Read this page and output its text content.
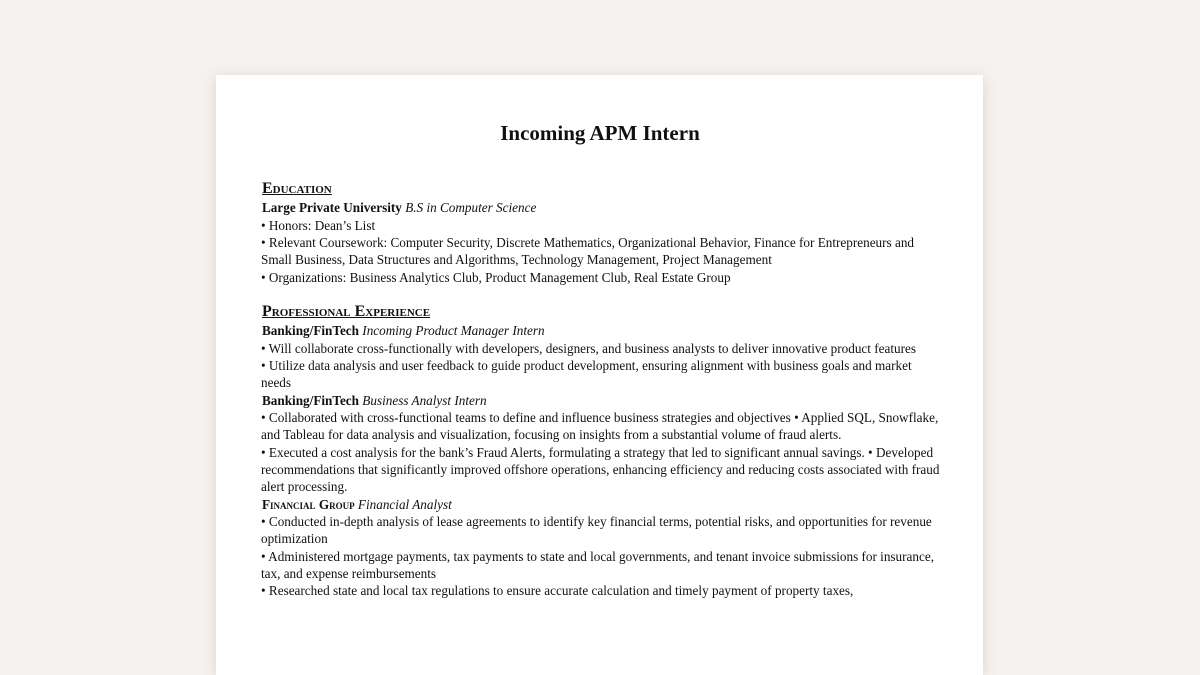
Incoming APM Intern
Education
Large Private University B.S in Computer Science

• Honors: Dean’s List

• Relevant Coursework: Computer Security, Discrete Mathematics, Organizational Behavior, Finance for Entrepreneurs and Small Business, Data Structures and Algorithms, Technology Management, Project Management

• Organizations: Business Analytics Club, Product Management Club, Real Estate Group

Professional Experience
Banking/FinTech Incoming Product Manager Intern

• Will collaborate cross-functionally with developers, designers, and business analysts to deliver innovative product features

• Utilize data analysis and user feedback to guide product development, ensuring alignment with business goals and market needs

Banking/FinTech Business Analyst Intern

• Collaborated with cross-functional teams to define and influence business strategies and objectives • Applied SQL, Snowflake, and Tableau for data analysis and visualization, focusing on insights from a substantial volume of fraud alerts.

• Executed a cost analysis for the bank’s Fraud Alerts, formulating a strategy that led to significant annual savings. • Developed recommendations that significantly improved offshore operations, enhancing efficiency and reducing costs associated with fraud alert processing.

Financial Group Financial Analyst

• Conducted in-depth analysis of lease agreements to identify key financial terms, potential risks, and opportunities for revenue optimization

• Administered mortgage payments, tax payments to state and local governments, and tenant invoice submissions for insurance, tax, and expense reimbursements

• Researched state and local tax regulations to ensure accurate calculation and timely payment of property taxes,
